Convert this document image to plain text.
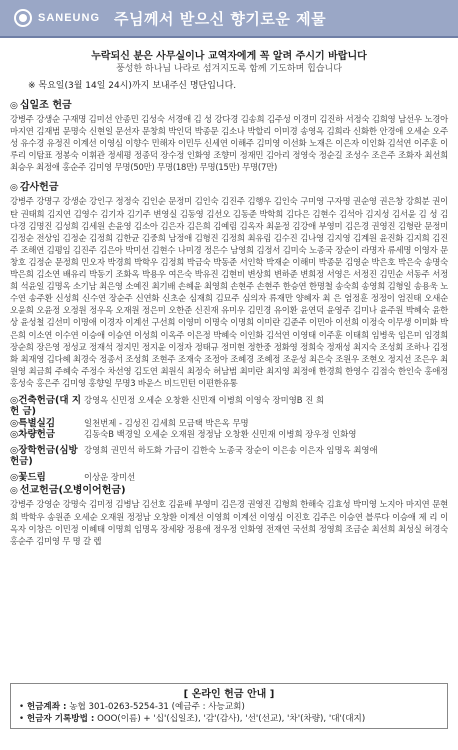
SANEUNG 주님께서 받으신 향기로운 제물
누락되신 분은 사무실이나 교역자에게 꼭 알려 주시기 바랍니다
풍성한 하나님 나라로 섬겨지도록 함께 기도하며 힙습니다
※ 목요일(3월 14일 24시)까지 보내주신 명단입니다.
◎ 십일조 헌금
강병주 강생순 구재명 김미선 안종민 김성숙 서경애 김 성 강다경 김송희 김주성 이경미 김진하 서정숙 김희영 남선우 노경아 마지연 김재범 문명숙 신현일 문선자 문창희 박인덕 박종문 김소나 박할리 이미경 송영옥 김희라 신화한 안경애 오세순 오주성 유수경 유정진 이계선 이영심 이향수 민해자 이민두 신세연 이해주 김미영 이선화 노재은 이은자 이인화 김석연 이주훈 이루리 이탐표 정봉숙 이휘관 정세평 정종덕 장수정 인화영 조향미 정재민 김아리 정영숙 정순길 조성수 조은주 조화자 최선희 최승우 최정애 홍순주 김미영 무명(50만) 무명(18만) 무명(15만) 무명(7만)
◎ 감사헌금
강병주 강명구 강생순 강인구 정정숙 김인순 문정미 김인숙 김진주 김행우 김인숙 구미영 구자명 권순영 권은창 강희분 권이탄 권태희 김지연 김영수 김기자 김기주 변영실 김동영 김선오 김동준 박학희 김다은 김현수 김석아 김지성 김서윤 김 성 김다경 김명진 김성희 김세원 손윤영 김소아 김은자 김은희 김예림 김옥자 최윤정 김강애 부영미 김은경 권영진 김형란 문정미 김정순 전상임 김정순 김정희 김한균 김중희 남정애 김형진 김정희 최유림 김수진 김나영 김지영 김계원 윤진화 김지희 김진주 조해연 김평임 김진주 김은아 박미선 김현수 나미경 정은수 남영희 김정서 김미숙 노종국 장순이 라명자 류세명 이영자 문창호 김정순 문정희 민오자 박경희 박학우 김정희 박금숙 박동준 서인학 박재순 이해미 박종문 김영순 박은호 박은숙 송명숙 박은희 김소연 배유리 박동기 조화옥 박용우 여은숙 박유진 김현비 변상희 변하준 변희정 서영은 서정진 김민순 서동주 서정희 석윤일 김명옥 소기남 최은영 소예진 최기배 손혜윤 최영희 손현주 손현주 한승연 한명철 송숙희 송영희 김형일 송용욱 노수연 송주환 신성희 신수연 장순주 신연화 신초순 심재희 김묘주 심의자 류재만 양혜자 최 은 엄정훈 정정이 엄진태 오새순 오윤희 오윤정 오정원 정우옥 오재원 정은미 오한준 신진재 유미우 김민경 유이환 윤연덕 윤영주 김미나 윤주원 박혜숙 윤한상 윤성철 김선미 이명애 이경자 이계선 구선희 이영미 이명숙 이명희 이미란 김준주 이민아 이선희 이정숙 이무생 이미화 박은희 이소연 이수연 이승애 이승연 이성희 이옥주 이은정 박혜숙 이인화 김석연 이영태 이주훈 이태희 임병욱 임은미 임경희 장순희 장은영 정성교 정재석 정지민 정지윤 이정자 정태규 정미현 정한중 정화영 정희숙 정재성 최지숙 조성회 조하나 김정화 최재영 김다혜 최경숙 정종서 조성희 조현주 조재숙 조정아 조혜경 조혜정 조운성 최은숙 조원우 조현오 정지선 조은우 최원영 최금희 주혜숙 주정수 차선영 김도연 최원식 최정숙 허남범 최미란 최지영 최정애 한경희 한영수 김점숙 한인숙 홍애정 홍성숙 홍은주 김미영 홍향일 무명3 바운스 비드민턴 이편한유통
◎건축헌금(대 지 헌 금)
강영옥 신민정 오세순 오창환 신민재 이병희 이영숙 장미영B 진 희
◎특별실김	일천번제 - 김성진 김세희 모금택 박은옥 무명
◎차량헌금	김동숙B 백경일 오세순 오재원 정정남 오창환 신민재 이병희 장우정 인화영
◎장학헌금(심방헌금)
강영희 권민석 하도화 가금이 김한숙 노종국 장순이 이은송 이은자 임명옥 최영애
◎꽃드림	이상운 장미선
◎ 선교헌금(오병이어헌금)
강병주 강영순 강명숙 김미정 김병남 김선호 김윤배 부영미 김은경 권영진 김형희 한해숙 김효성 박미영 노지아 마지연 문현희 박학우 송원준 오세순 오재원 정정남 오창환 이계선 이영희 이계선 이영심 이진호 김주은 이승연 블루다 이승애 제 리 이옥자 이창은 이민정 이혜태 이명희 임명옥 장세왕 정용애 정우정 인화영 전재연 국선희 정영희 조금순 최선희 최성실 허경숙 홍순주 김미영 무 명 갈 렙
[ 온라인 헌금 안내 ]
• 헌금계좌 : 농협 301-0263-5254-31 (예금주 : 사능교회)
• 헌금자 기록방법 : OOO(이름) + '십'(십일조), '감'(감사), '선'(선교), '차'(차량), '대'(대지)
